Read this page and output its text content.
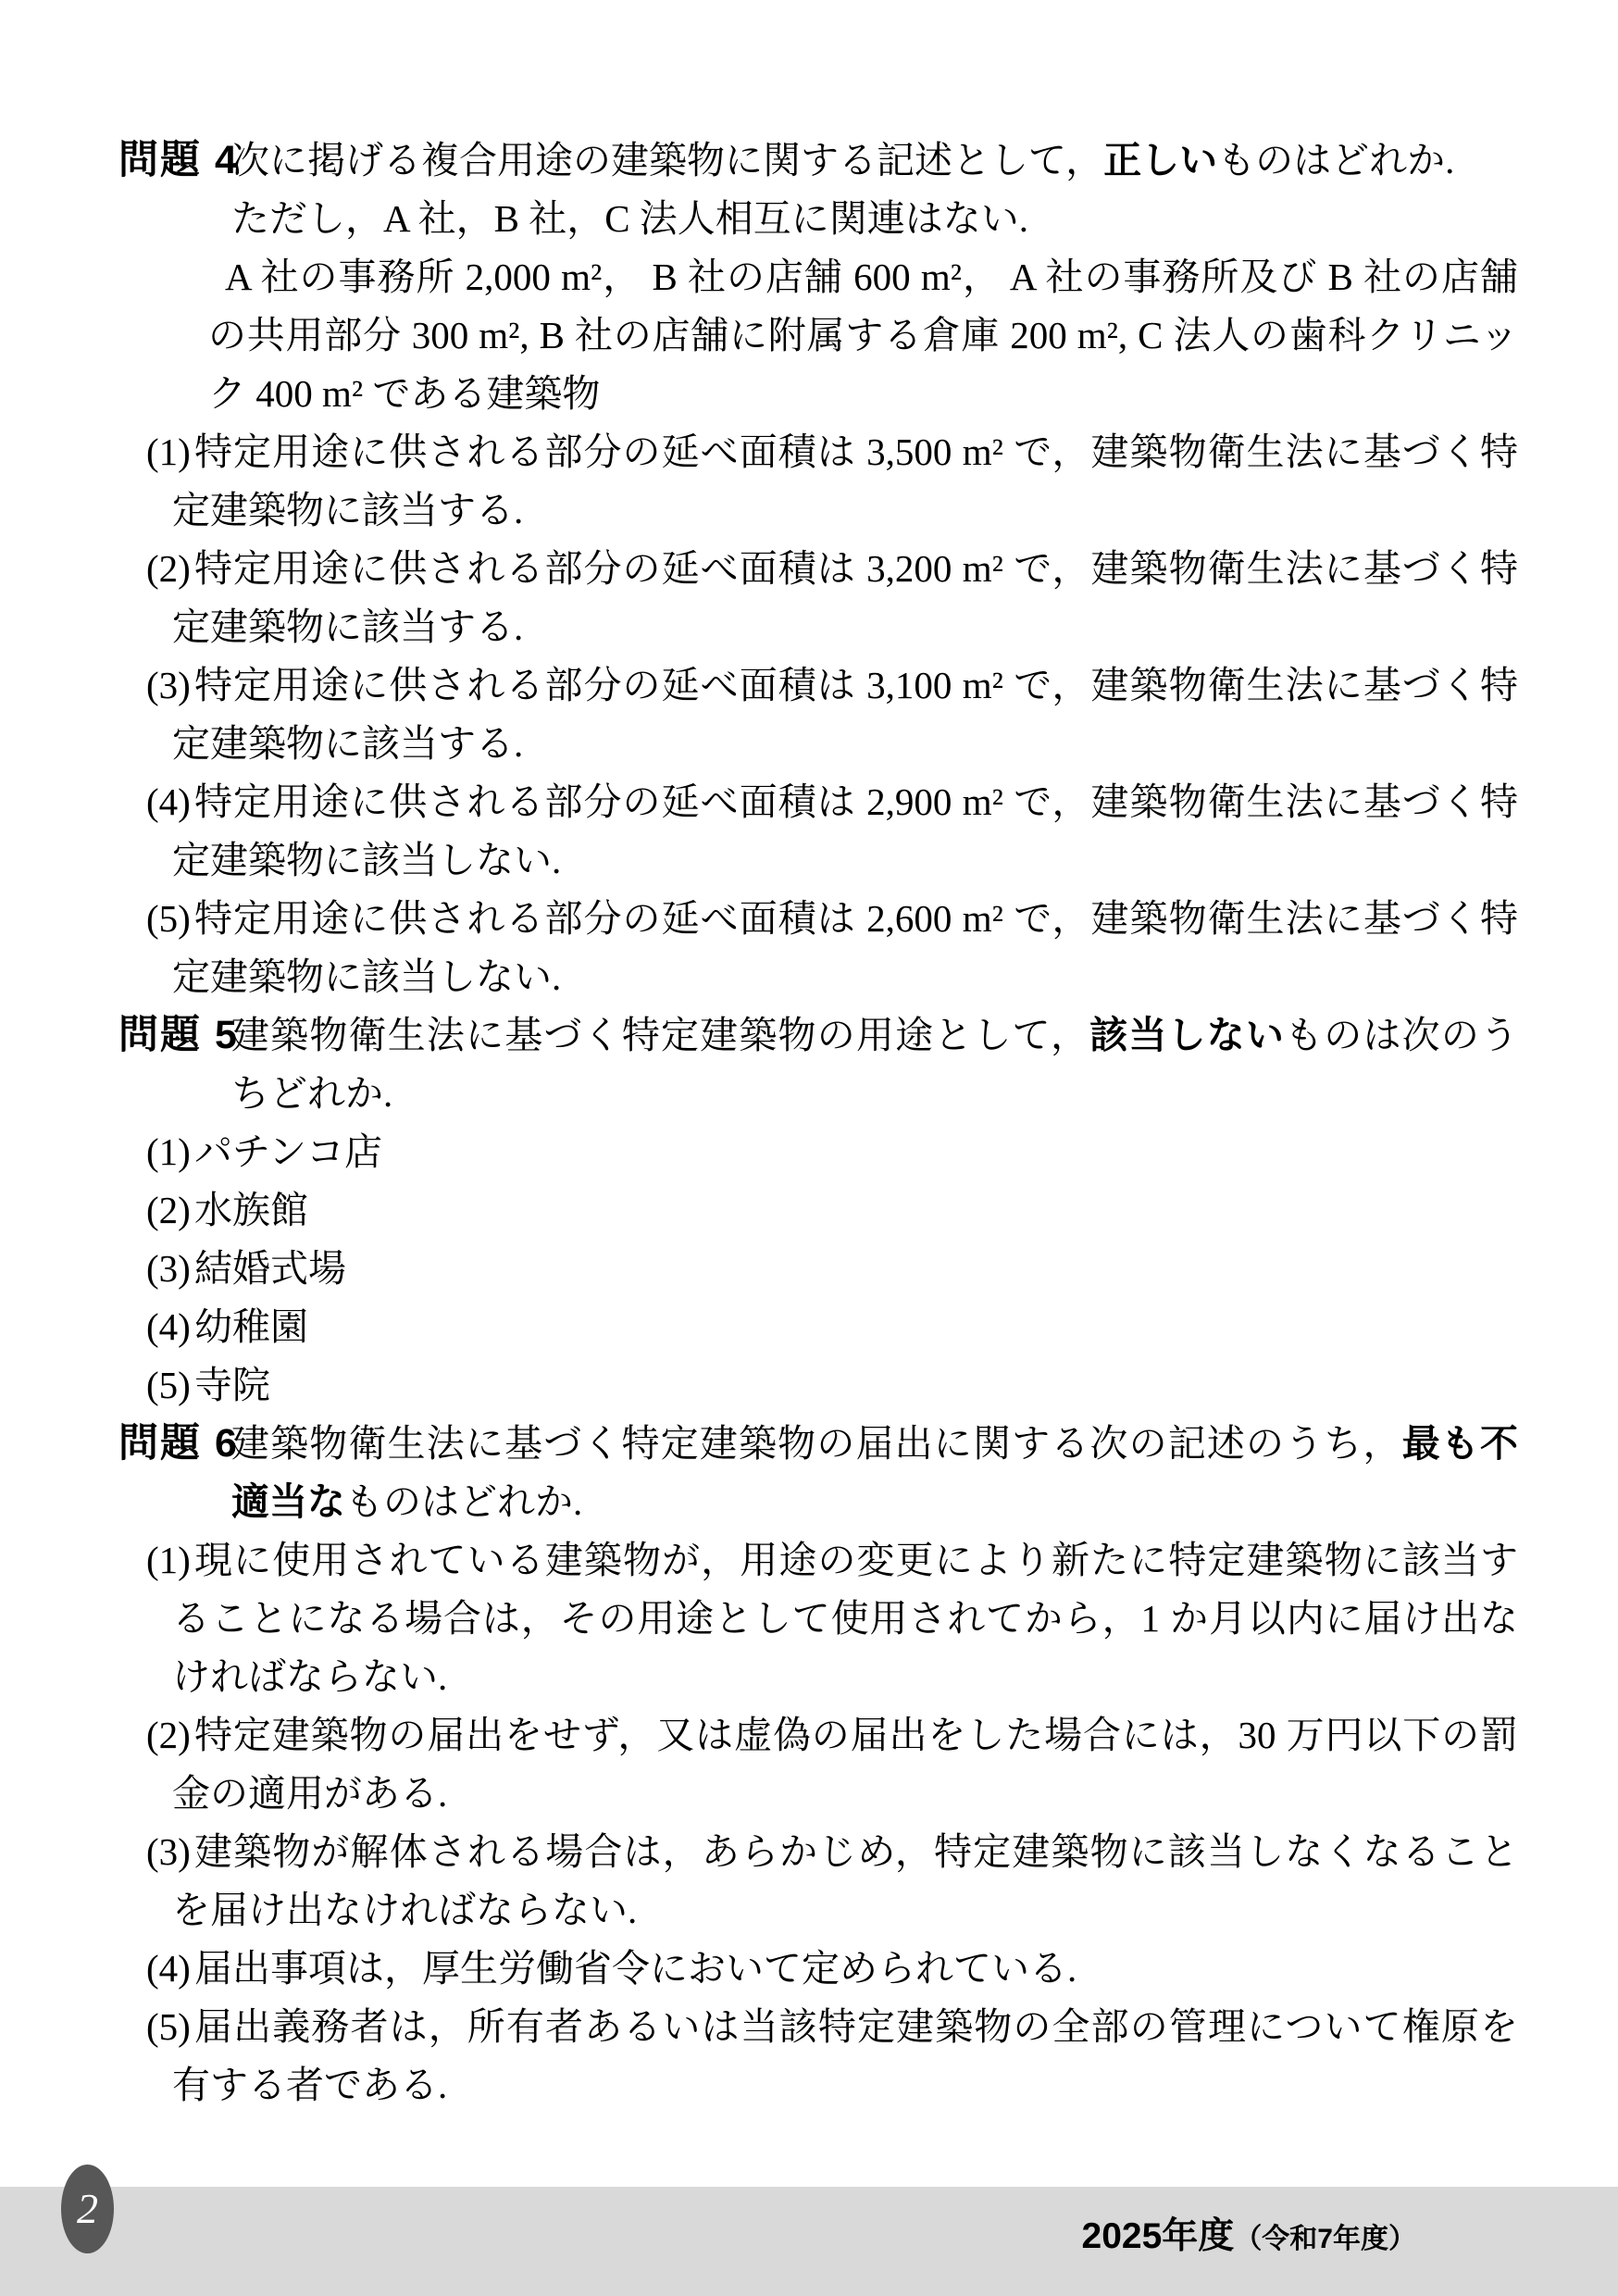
問題 4
次に掲げる複合用途の建築物に関する記述として，正しいものはどれか.
ただし，A 社，B 社，C 法人相互に関連はない.
A 社の事務所 2,000 m²， B 社の店舗 600 m²， A 社の事務所及び B 社の店舗の共用部分 300 m², B 社の店舗に附属する倉庫 200 m², C 法人の歯科クリニック 400 m² である建築物
(1) 特定用途に供される部分の延べ面積は 3,500 m² で，建築物衛生法に基づく特定建築物に該当する.
(2) 特定用途に供される部分の延べ面積は 3,200 m² で，建築物衛生法に基づく特定建築物に該当する.
(3) 特定用途に供される部分の延べ面積は 3,100 m² で，建築物衛生法に基づく特定建築物に該当する.
(4) 特定用途に供される部分の延べ面積は 2,900 m² で，建築物衛生法に基づく特定建築物に該当しない.
(5) 特定用途に供される部分の延べ面積は 2,600 m² で，建築物衛生法に基づく特定建築物に該当しない.
問題 5
建築物衛生法に基づく特定建築物の用途として，該当しないものは次のうちどれか.
(1) パチンコ店
(2) 水族館
(3) 結婚式場
(4) 幼稚園
(5) 寺院
問題 6
建築物衛生法に基づく特定建築物の届出に関する次の記述のうち，最も不適当なものはどれか.
(1) 現に使用されている建築物が，用途の変更により新たに特定建築物に該当することになる場合は，その用途として使用されてから，1 か月以内に届け出なければならない.
(2) 特定建築物の届出をせず，又は虚偽の届出をした場合には，30 万円以下の罰金の適用がある.
(3) 建築物が解体される場合は，あらかじめ，特定建築物に該当しなくなることを届け出なければならない.
(4) 届出事項は，厚生労働省令において定められている.
(5) 届出義務者は，所有者あるいは当該特定建築物の全部の管理について権原を有する者である.
2
2025年度（令和7年度）
